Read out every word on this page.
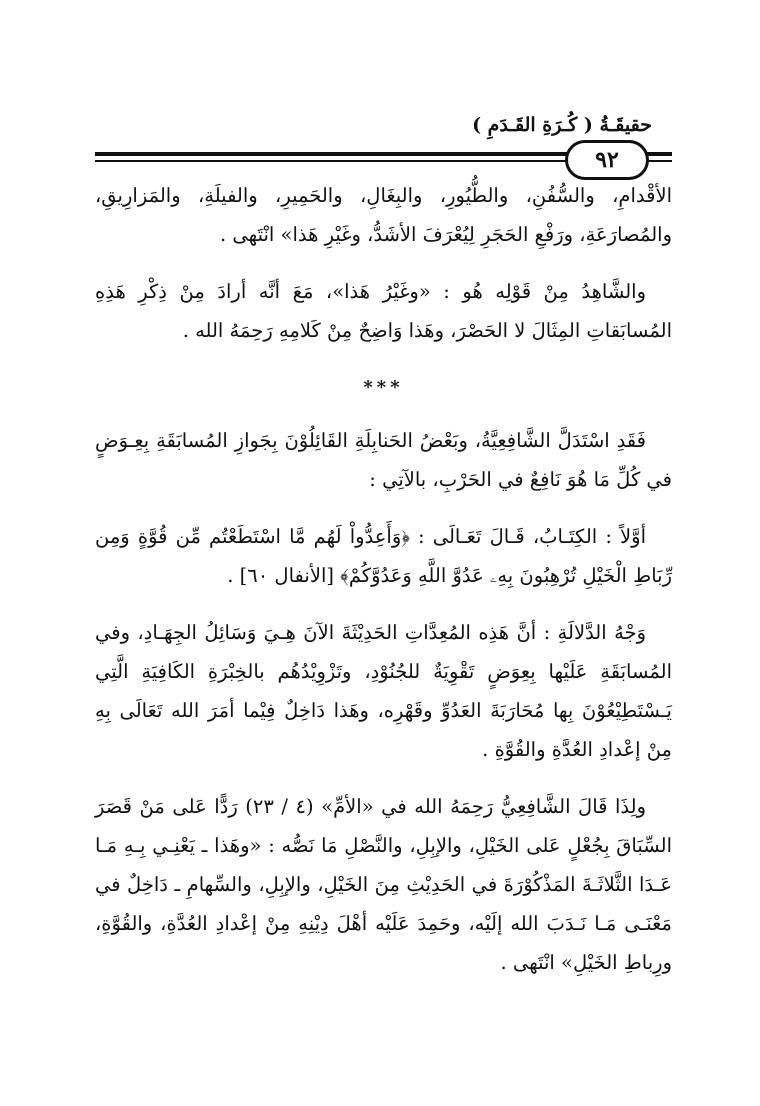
حقيقَـةُ ( كُـرَةِ القَـدَمِ )
٩٢

الأقْدامِ، والسُّفُنِ، والطُّيُورِ، والبِغَالِ، والحَمِيرِ، والفيلَةِ، والمَزارِيقِ، والمُصارَعَةِ، ورَفْعِ الحَجَرِ لِيُعْرَفَ الأشَدُّ، وغَيْرِ هَذا» انْتَهى .

والشَّاهِدُ مِنْ قَوْلِه هُو : «وغَيْرُ هَذا»، مَعَ أنَّه أرادَ مِنْ ذِكْرِ هَذِهِ المُسابَقاتِ المِثَالَ لا الحَصْرَ، وهَذا وَاضِحٌ مِنْ كَلامِهِ رَحِمَهُ الله .

***

فَقَدِ اسْتَدَلَّ الشَّافِعِيَّةُ، وبَعْضُ الحَنابِلَةِ القَائِلُوْنَ بِجَوازِ المُسابَقَةِ بِعِـوَضٍ في كُلِّ مَا هُوَ نَافِعٌ في الحَرْبِ، بالآتِي :

أوَّلاً : الكِتَـابُ، قَـالَ تَعَـالَى : ﴿وَأَعِدُّواْ لَهُم مَّا اسْتَطَعْتُم مِّن قُوَّةٍ وَمِن رِّبَاطِ الْخَيْلِ تُرْهِبُونَ بِهِۦ عَدُوَّ اللَّهِ وَعَدُوَّكُمْ﴾ [الأنفال ٦٠] .

وَجْهُ الدَّلالَةِ : أنَّ هَذِه المُعِدَّاتِ الحَدِيْثَةَ الآنَ هِـيَ وَسَائِلُ الجِهَـادِ، وفي المُسابَقَةِ عَلَيْها بِعِوَضٍ تَقْوِيَةٌ للجُنُوْدِ، وتَزْوِيْدُهُم بالخِبْرَةِ الكَافِيَةِ الَّتِي يَـسْتَطِيْعُوْنَ بِها مُحَارَبَةَ العَدُوِّ وقَهْرِه، وهَذا دَاخِلٌ فِيْما أمَرَ الله تَعَالَى بِهِ مِنْ إعْدادِ العُدَّةِ والقُوَّةِ .

ولِذَا قَالَ الشَّافِعِيُّ رَحِمَهُ الله في «الأمِّ» (٤ / ٢٣) رَدًّا عَلى مَنْ قَصَرَ السِّبَاقَ بِجُعْلٍ عَلى الخَيْلِ، والإبِلِ، والنَّصْلِ مَا نَصُّه : «وهَذا ـ يَعْنِـي بِـهِ مَـا عَـدَا الثَّلاثَـةَ المَذْكُوْرَةَ في الحَدِيْثِ مِنَ الخَيْلِ، والإبِلِ، والسِّهامِ ـ دَاخِلٌ في مَعْنَـى مَـا نَـدَبَ الله إلَيْه، وحَمِدَ عَلَيْه أهْلَ دِيْنِهِ مِنْ إعْدادِ العُدَّةِ، والقُوَّةِ، ورِباطِ الخَيْلِ» انْتَهى .
